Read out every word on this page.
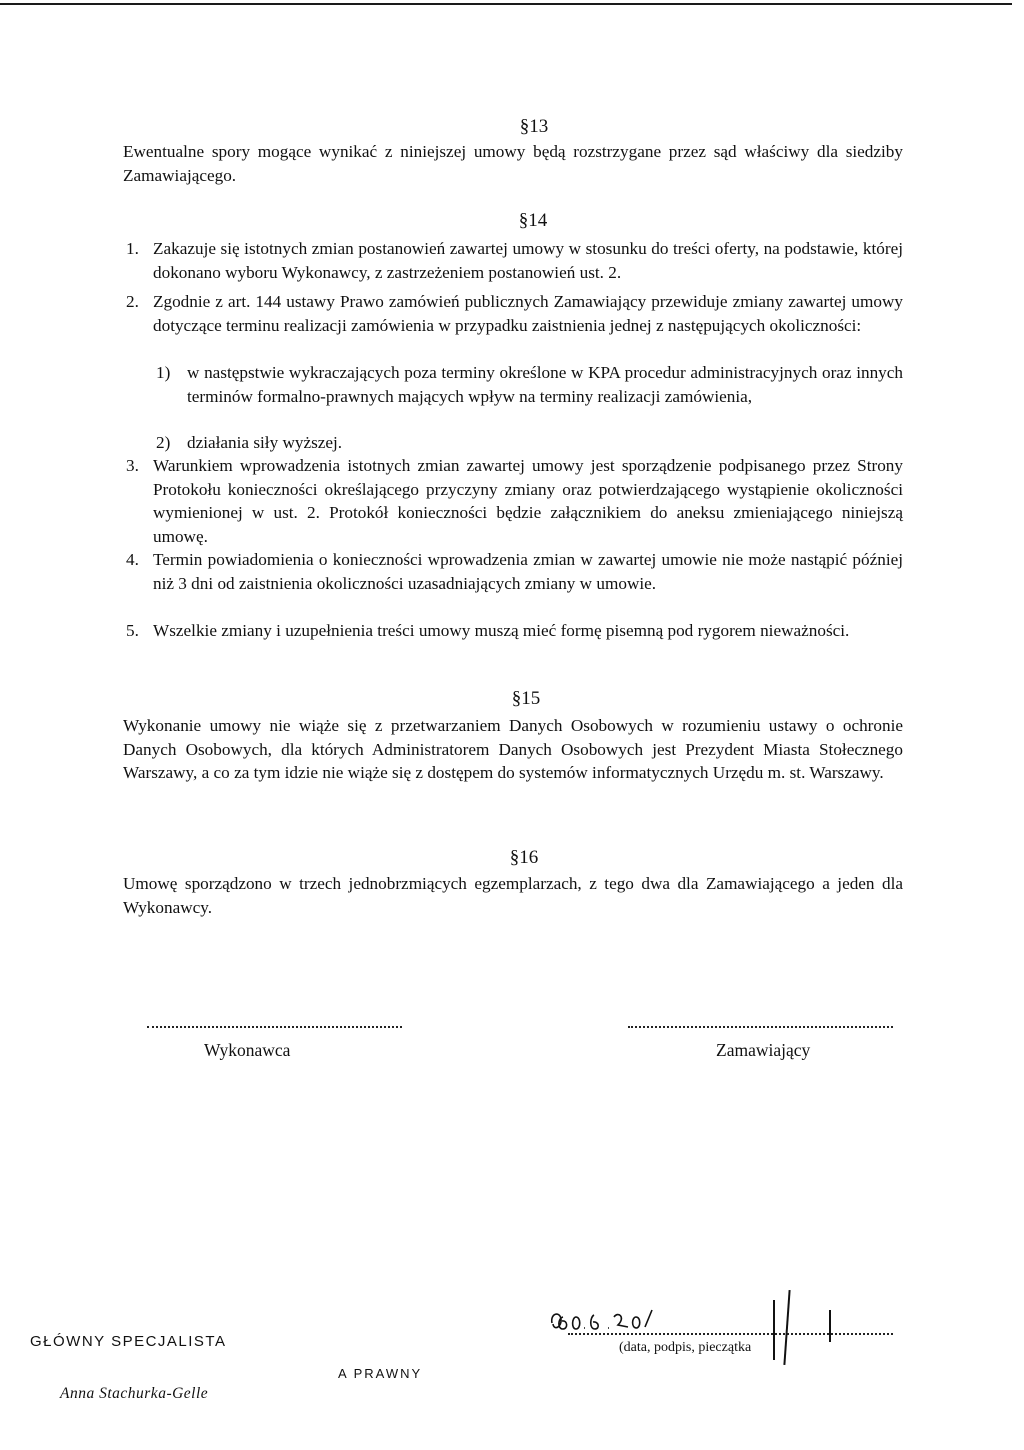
§13
Ewentualne spory mogące wynikać z niniejszej umowy będą rozstrzygane przez sąd właściwy dla siedziby Zamawiającego.
§14
1. Zakazuje się istotnych zmian postanowień zawartej umowy w stosunku do treści oferty, na podstawie, której dokonano wyboru Wykonawcy, z zastrzeżeniem postanowień ust. 2.
2. Zgodnie z art. 144 ustawy Prawo zamówień publicznych Zamawiający przewiduje zmiany zawartej umowy dotyczące terminu realizacji zamówienia w przypadku zaistnienia jednej z następujących okoliczności:
1) w następstwie wykraczających poza terminy określone w KPA procedur administracyjnych oraz innych terminów formalno-prawnych mających wpływ na terminy realizacji zamówienia,
2) działania siły wyższej.
3. Warunkiem wprowadzenia istotnych zmian zawartej umowy jest sporządzenie podpisanego przez Strony Protokołu konieczności określającego przyczyny zmiany oraz potwierdzającego wystąpienie okoliczności wymienionej w ust. 2. Protokół konieczności będzie załącznikiem do aneksu zmieniającego niniejszą umowę.
4. Termin powiadomienia o konieczności wprowadzenia zmian w zawartej umowie nie może nastąpić później niż 3 dni od zaistnienia okoliczności uzasadniających zmiany w umowie.
5. Wszelkie zmiany i uzupełnienia treści umowy muszą mieć formę pisemną pod rygorem nieważności.
§15
Wykonanie umowy nie wiąże się z przetwarzaniem Danych Osobowych w rozumieniu ustawy o ochronie Danych Osobowych, dla których Administratorem Danych Osobowych jest Prezydent Miasta Stołecznego Warszawy, a co za tym idzie nie wiąże się z dostępem do systemów informatycznych Urzędu m. st. Warszawy.
§16
Umowę sporządzono w trzech jednobrzmiących egzemplarzach, z tego dwa dla Zamawiającego a jeden dla Wykonawcy.
Wykonawca	Zamawiający
(data, podpis, pieczątka
GŁÓWNY SPECJALISTA
A PRAWNY
Anna Stachurka-Gelle
